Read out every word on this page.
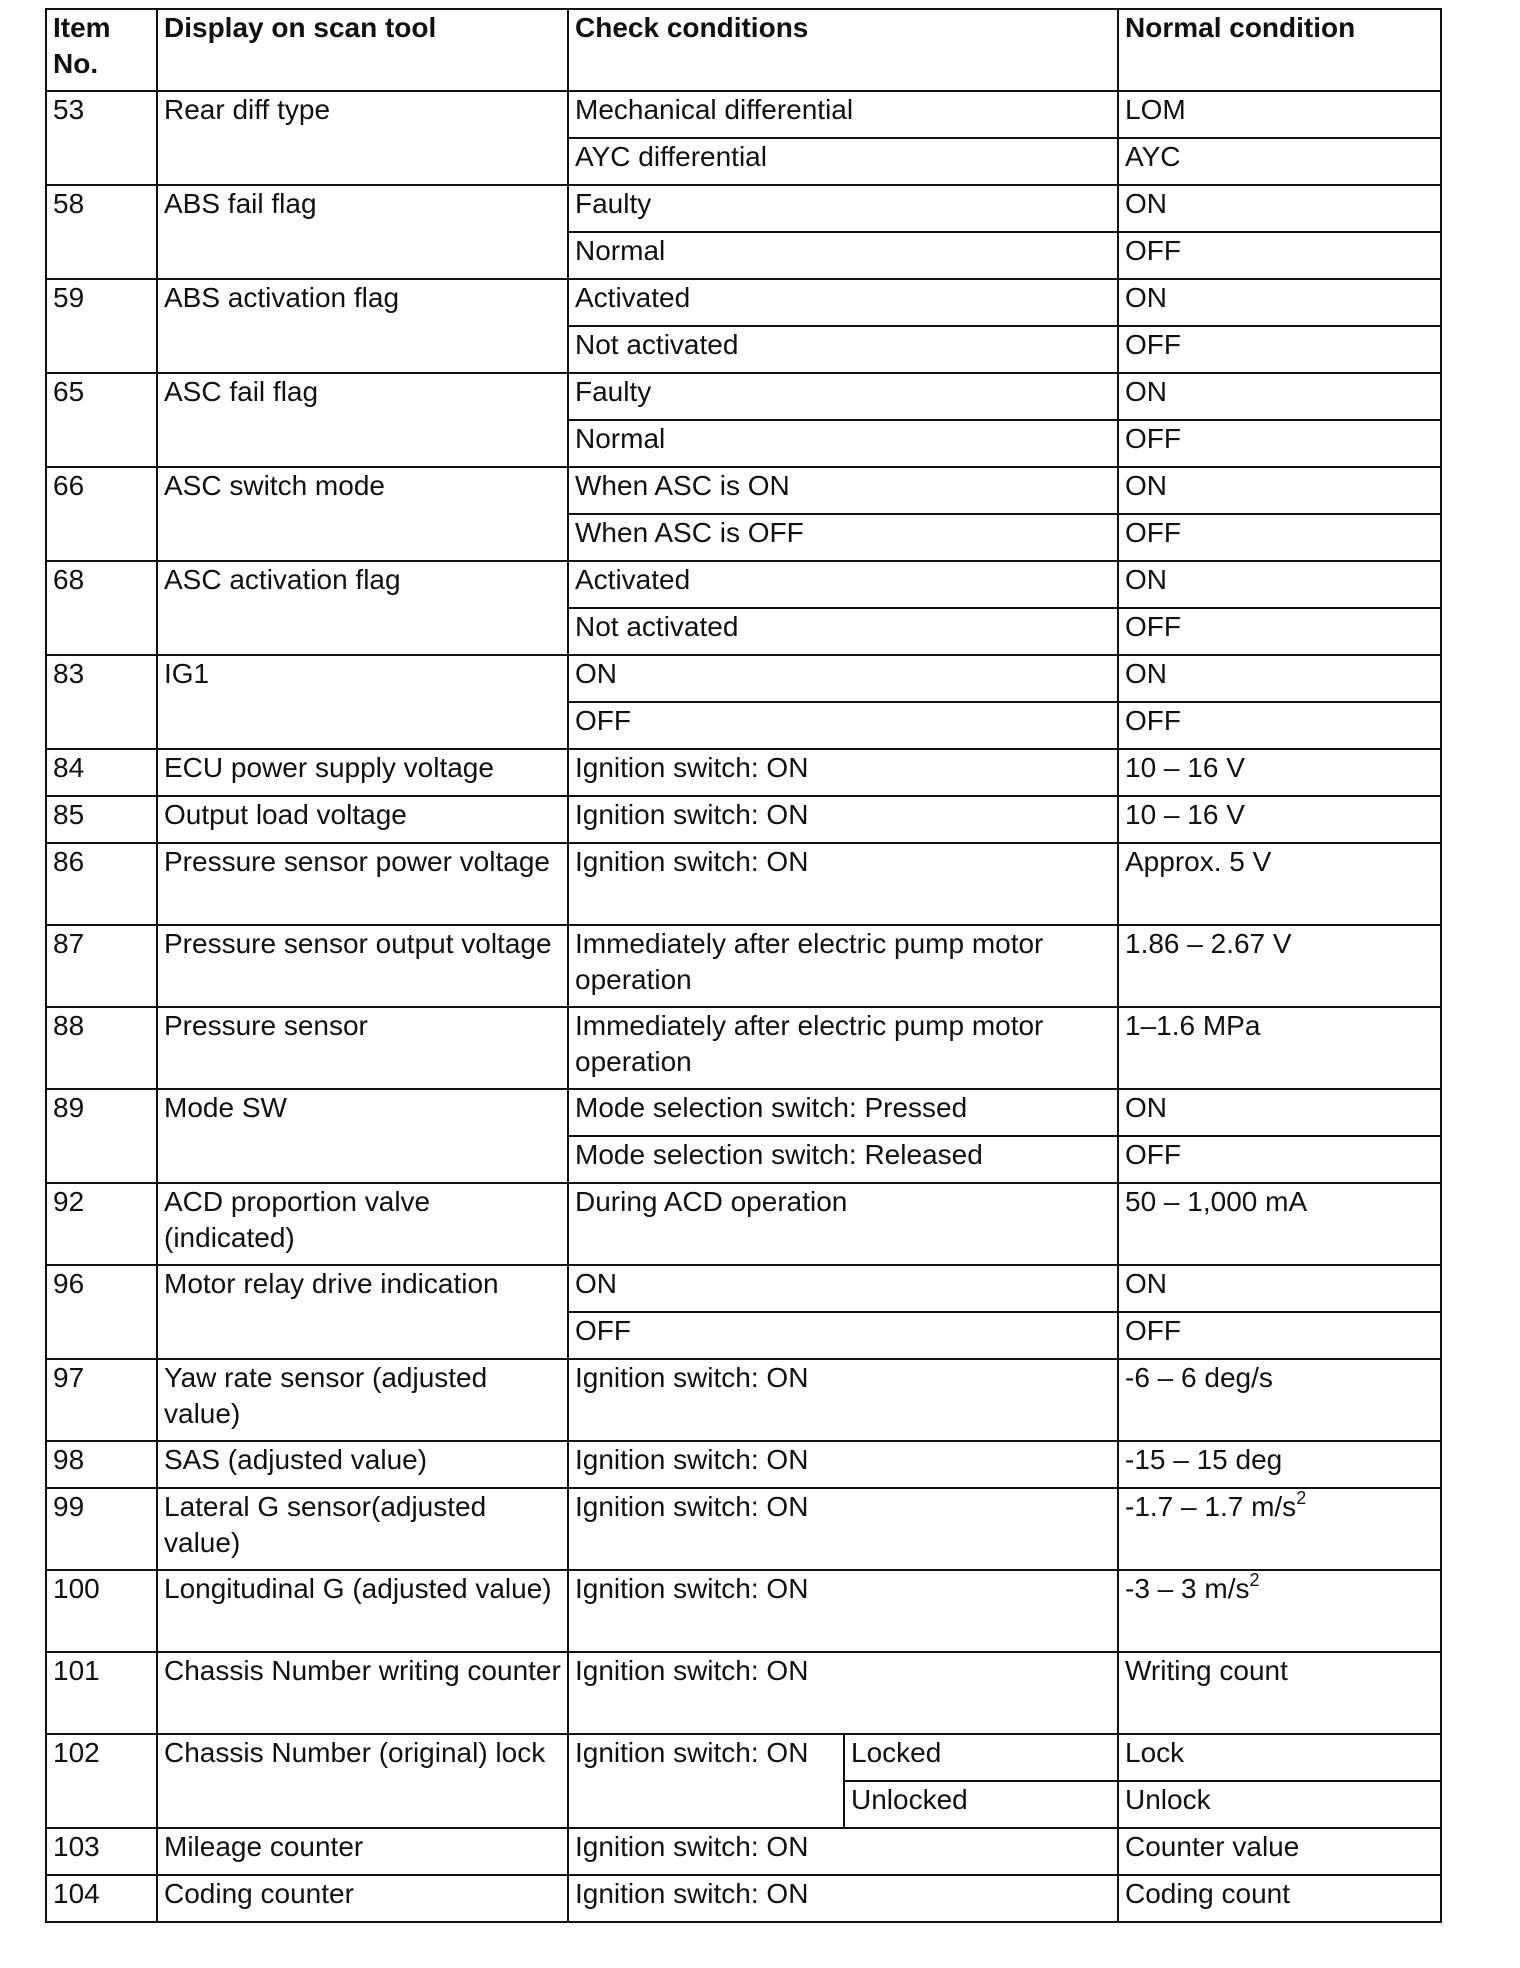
Item No.	Display on scan tool	Check conditions		Normal condition
53	Rear diff type	Mechanical differential		LOM
		AYC differential		AYC
58	ABS fail flag	Faulty		ON
		Normal		OFF
59	ABS activation flag	Activated		ON
		Not activated		OFF
65	ASC fail flag	Faulty		ON
		Normal		OFF
66	ASC switch mode	When ASC is ON		ON
		When ASC is OFF		OFF
68	ASC activation flag	Activated		ON
		Not activated		OFF
83	IG1	ON		ON
		OFF		OFF
84	ECU power supply voltage	Ignition switch: ON		10 – 16 V
85	Output load voltage	Ignition switch: ON		10 – 16 V
86	Pressure sensor power voltage	Ignition switch: ON		Approx. 5 V
87	Pressure sensor output voltage	Immediately after electric pump motor operation		1.86 – 2.67 V
88	Pressure sensor	Immediately after electric pump motor operation		1–1.6 MPa
89	Mode SW	Mode selection switch: Pressed		ON
		Mode selection switch: Released		OFF
92	ACD proportion valve (indicated)	During ACD operation		50 – 1,000 mA
96	Motor relay drive indication	ON		ON
		OFF		OFF
97	Yaw rate sensor (adjusted value)	Ignition switch: ON		-6 – 6 deg/s
98	SAS (adjusted value)	Ignition switch: ON		-15 – 15 deg
99	Lateral G sensor(adjusted value)	Ignition switch: ON		-1.7 – 1.7 $m/s^2$
100	Longitudinal G (adjusted value)	Ignition switch: ON		-3 – 3 $m/s^2$
101	Chassis Number writing counter	Ignition switch: ON		Writing count
102	Chassis Number (original) lock	Ignition switch: ON	Locked	Lock
			Unlocked	Unlock
103	Mileage counter	Ignition switch: ON		Counter value
104	Coding counter	Ignition switch: ON		Coding count
